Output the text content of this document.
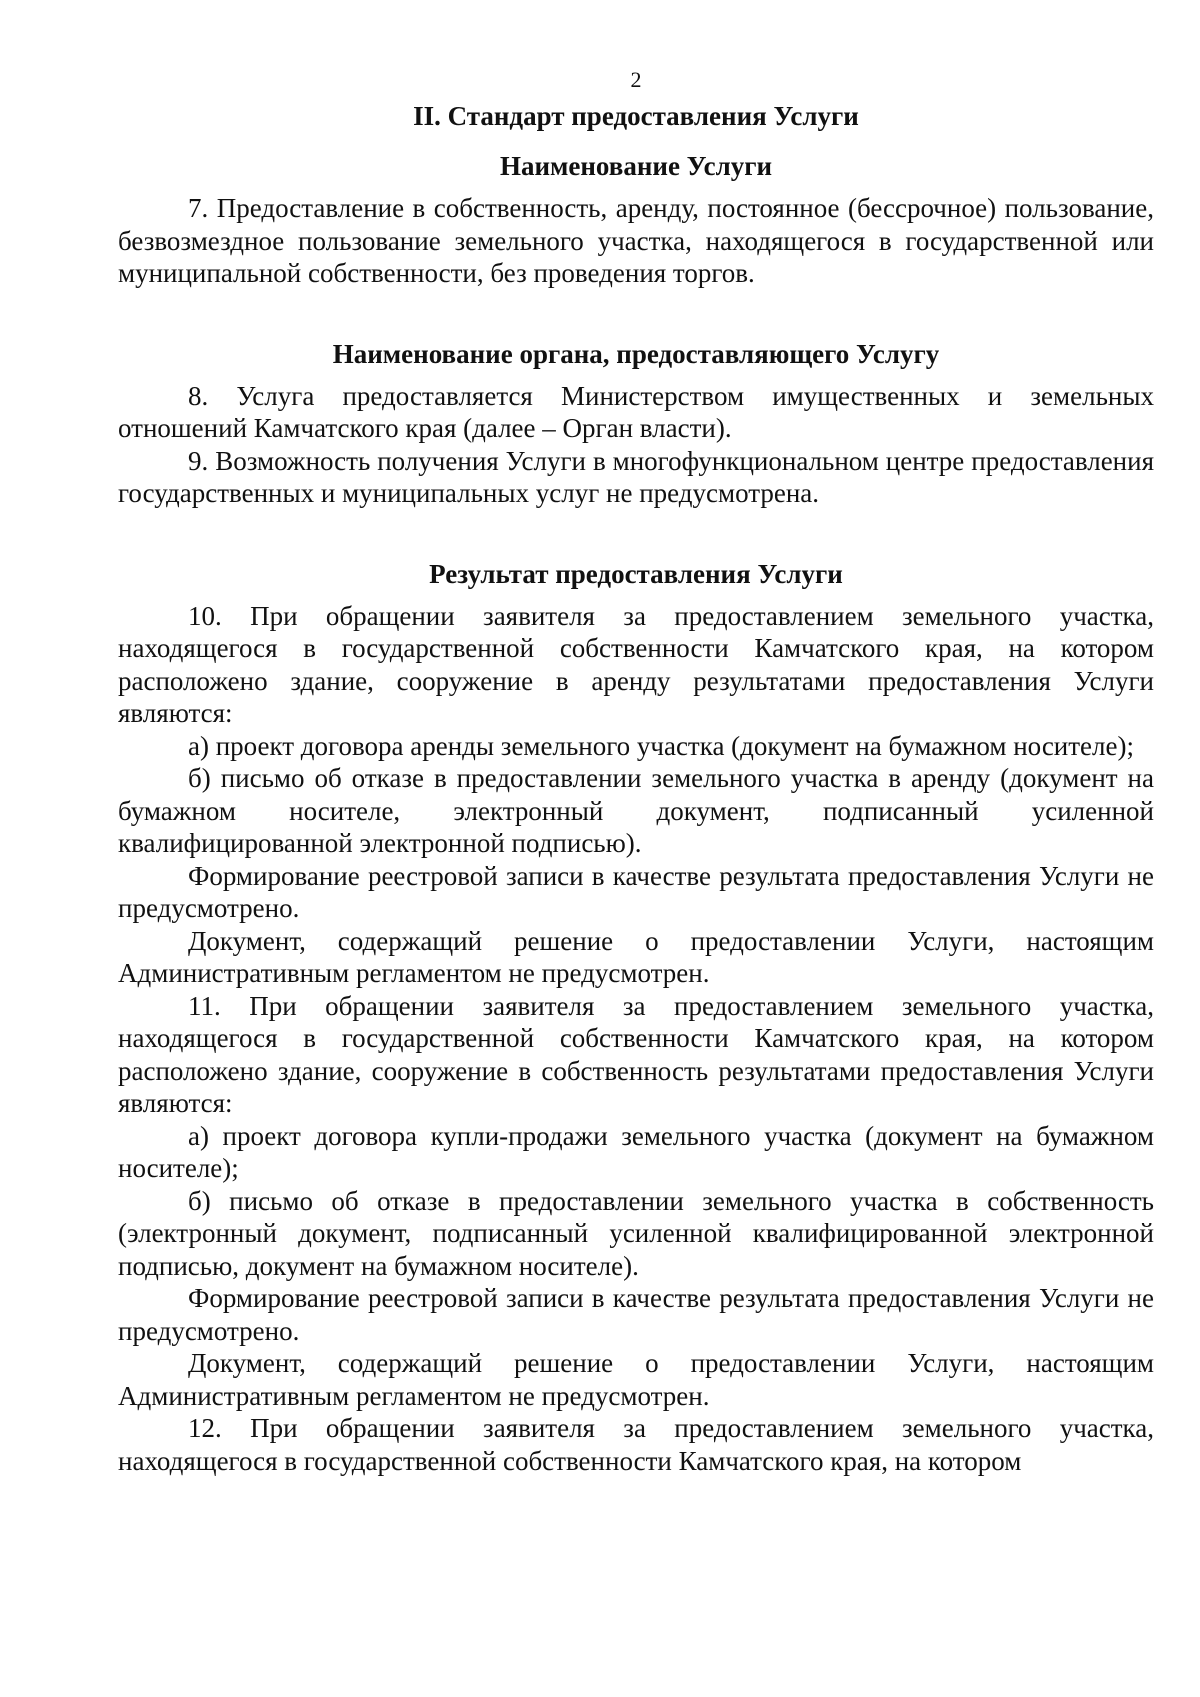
2
II. Стандарт предоставления Услуги
Наименование Услуги

7. Предоставление в собственность, аренду, постоянное (бессрочное) пользование, безвозмездное пользование земельного участка, находящегося в государственной или муниципальной собственности, без проведения торгов.

Наименование органа, предоставляющего Услугу

8. Услуга предоставляется Министерством имущественных и земельных отношений Камчатского края (далее – Орган власти).

9. Возможность получения Услуги в многофункциональном центре предоставления государственных и муниципальных услуг не предусмотрена.

Результат предоставления Услуги

10. При обращении заявителя за предоставлением земельного участка, находящегося в государственной собственности Камчатского края, на котором расположено здание, сооружение в аренду результатами предоставления Услуги являются:

а) проект договора аренды земельного участка (документ на бумажном носителе);

б) письмо об отказе в предоставлении земельного участка в аренду (документ на бумажном носителе, электронный документ, подписанный усиленной квалифицированной электронной подписью).

Формирование реестровой записи в качестве результата предоставления Услуги не предусмотрено.

Документ, содержащий решение о предоставлении Услуги, настоящим Административным регламентом не предусмотрен.

11. При обращении заявителя за предоставлением земельного участка, находящегося в государственной собственности Камчатского края, на котором расположено здание, сооружение в собственность результатами предоставления Услуги являются:

а) проект договора купли-продажи земельного участка (документ на бумажном носителе);

б) письмо об отказе в предоставлении земельного участка в собственность (электронный документ, подписанный усиленной квалифицированной электронной подписью, документ на бумажном носителе).

Формирование реестровой записи в качестве результата предоставления Услуги не предусмотрено.

Документ, содержащий решение о предоставлении Услуги, настоящим Административным регламентом не предусмотрен.

12. При обращении заявителя за предоставлением земельного участка, находящегося в государственной собственности Камчатского края, на котором
